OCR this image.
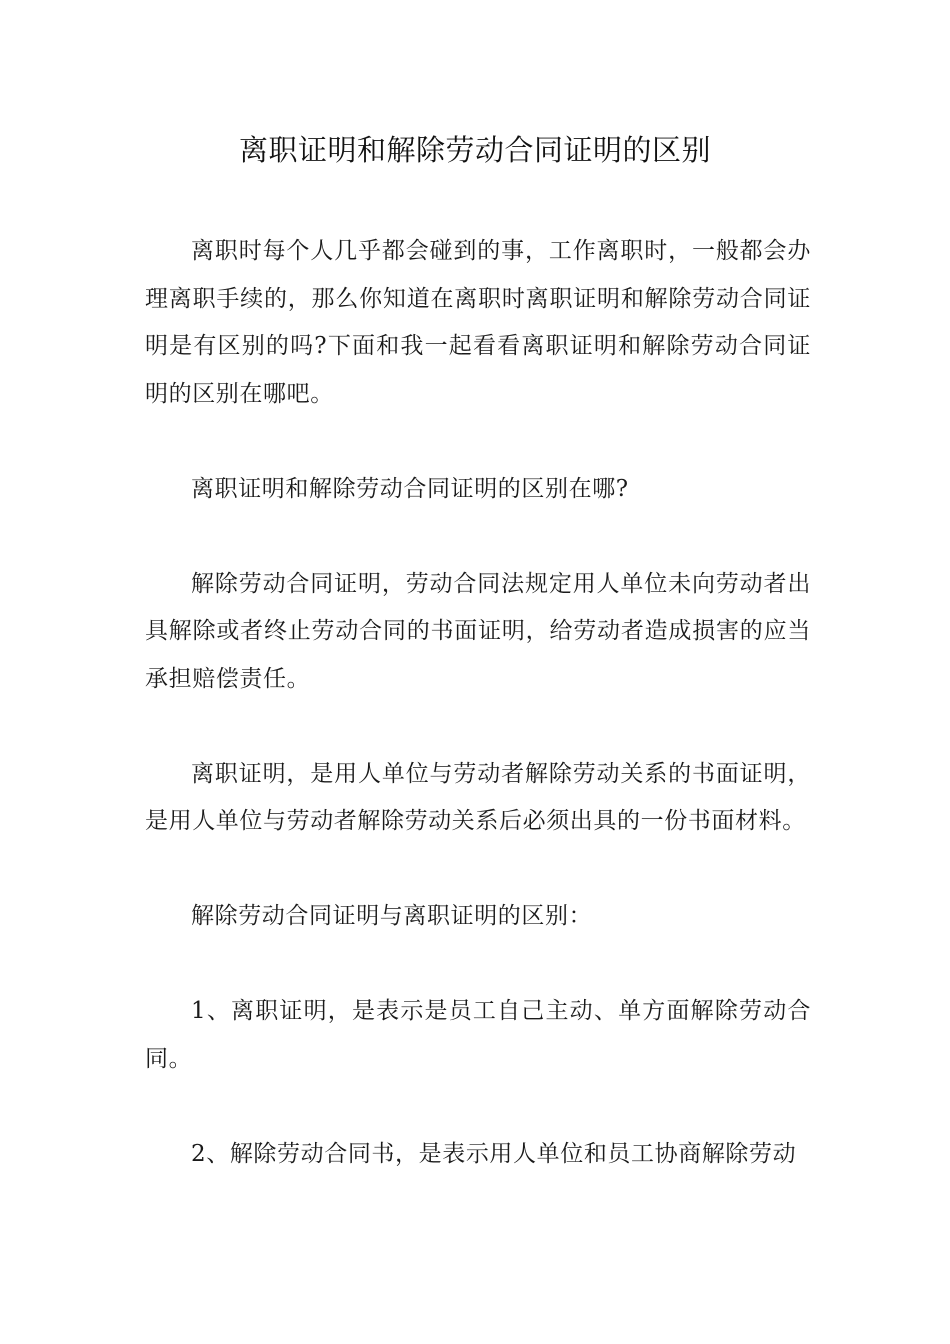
离职证明和解除劳动合同证明的区别

离职时每个人几乎都会碰到的事，工作离职时，一般都会办理离职手续的，那么你知道在离职时离职证明和解除劳动合同证明是有区别的吗?下面和我一起看看离职证明和解除劳动合同证明的区别在哪吧。

离职证明和解除劳动合同证明的区别在哪?

解除劳动合同证明，劳动合同法规定用人单位未向劳动者出具解除或者终止劳动合同的书面证明，给劳动者造成损害的应当承担赔偿责任。

离职证明，是用人单位与劳动者解除劳动关系的书面证明，是用人单位与劳动者解除劳动关系后必须出具的一份书面材料。

解除劳动合同证明与离职证明的区别：

1、离职证明，是表示是员工自己主动、单方面解除劳动合同。

2、解除劳动合同书，是表示用人单位和员工协商解除劳动
